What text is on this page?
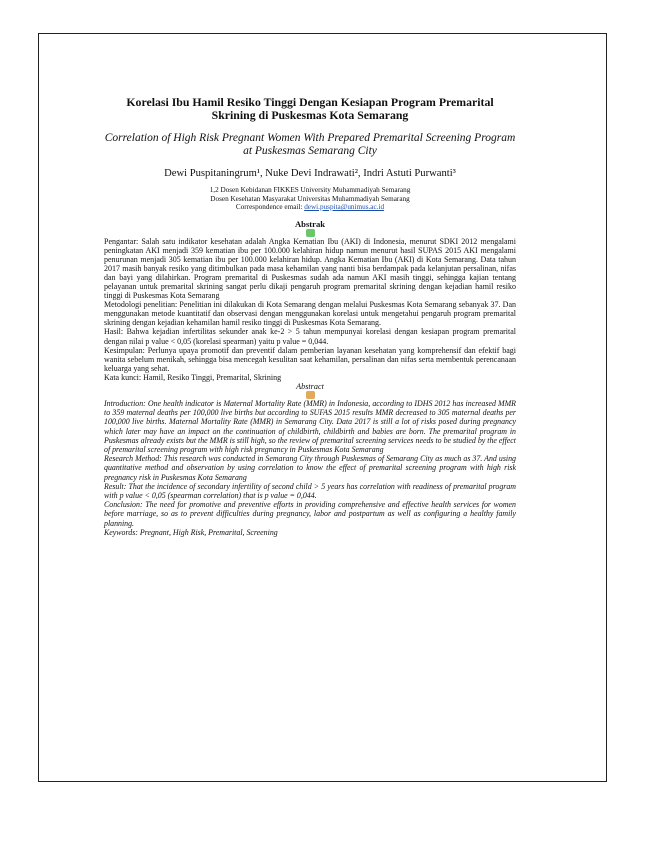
Korelasi Ibu Hamil Resiko Tinggi Dengan Kesiapan Program Premarital Skrining di Puskesmas Kota Semarang

Correlation of High Risk Pregnant Women With Prepared Premarital Screening Program at Puskesmas Semarang City

Dewi Puspitaningrum¹, Nuke Devi Indrawati², Indri Astuti Purwanti³

1,2 Dosen Kebidanan FIKKES University Muhammadiyah Semarang
Dosen Kesehatan Masyarakat Universitas Muhammadiyah Semarang
Correspondence email: dewi.puspita@unimus.ac.id
Abstrak

Pengantar: Salah satu indikator kesehatan adalah Angka Kematian Ibu (AKI) di Indonesia, menurut SDKI 2012 mengalami peningkatan AKI menjadi 359 kematian ibu per 100.000 kelahiran hidup namun menurut hasil SUPAS 2015 AKI mengalami penurunan menjadi 305 kematian ibu per 100.000 kelahiran hidup. Angka Kematian Ibu (AKI) di Kota Semarang. Data tahun 2017 masih banyak resiko yang ditimbulkan pada masa kehamilan yang nanti bisa berdampak pada kelanjutan persalinan, nifas dan bayi yang dilahirkan. Program premarital di Puskesmas sudah ada namun AKI masih tinggi, sehingga kajian tentang pelayanan untuk premarital skrining sangat perlu dikaji pengaruh program premarital skrining dengan kejadian hamil resiko tinggi di Puskesmas Kota Semarang

Metodologi penelitian: Penelitian ini dilakukan di Kota Semarang dengan melalui Puskesmas Kota Semarang sebanyak 37. Dan menggunakan metode kuantitatif dan observasi dengan menggunakan korelasi untuk mengetahui pengaruh program premarital skrining dengan kejadian kehamilan hamil resiko tinggi di Puskesmas Kota Semarang.

Hasil: Bahwa kejadian infertilitas sekunder anak ke-2 > 5 tahun mempunyai korelasi dengan kesiapan program premarital dengan nilai p value < 0,05 (korelasi spearman) yaitu p value = 0,044.

Kesimpulan: Perlunya upaya promotif dan preventif dalam pemberian layanan kesehatan yang komprehensif dan efektif bagi wanita sebelum menikah, sehingga bisa mencegah kesulitan saat kehamilan, persalinan dan nifas serta membentuk perencanaan keluarga yang sehat.

Kata kunci: Hamil, Resiko Tinggi, Premarital, Skrining

Abstract

Introduction: One health indicator is Maternal Mortality Rate (MMR) in Indonesia, according to IDHS 2012 has increased MMR to 359 maternal deaths per 100,000 live births but according to SUFAS 2015 results MMR decreased to 305 maternal deaths per 100,000 live births. Maternal Mortality Rate (MMR) in Semarang City. Data 2017 is still a lot of risks posed during pregnancy which later may have an impact on the continuation of childbirth, childbirth and babies are born. The premarital program in Puskesmas already exists but the MMR is still high, so the review of premarital screening services needs to be studied by the effect of premarital screening program with high risk pregnancy in Puskesmas Kota Semarang

Research Method: This research was conducted in Semarang City through Puskesmas of Semarang City as much as 37. And using quantitative method and observation by using correlation to know the effect of premarital screening program with high risk pregnancy risk in Puskesmas Kota Semarang

Result: That the incidence of secondary infertility of second child > 5 years has correlation with readiness of premarital program with p value < 0,05 (spearman correlation) that is p value = 0,044.

Conclusion: The need for promotive and preventive efforts in providing comprehensive and effective health services for women before marriage, so as to prevent difficulties during pregnancy, labor and postpartum as well as configuring a healthy family planning.

Keywords: Pregnant, High Risk, Premarital, Screening
